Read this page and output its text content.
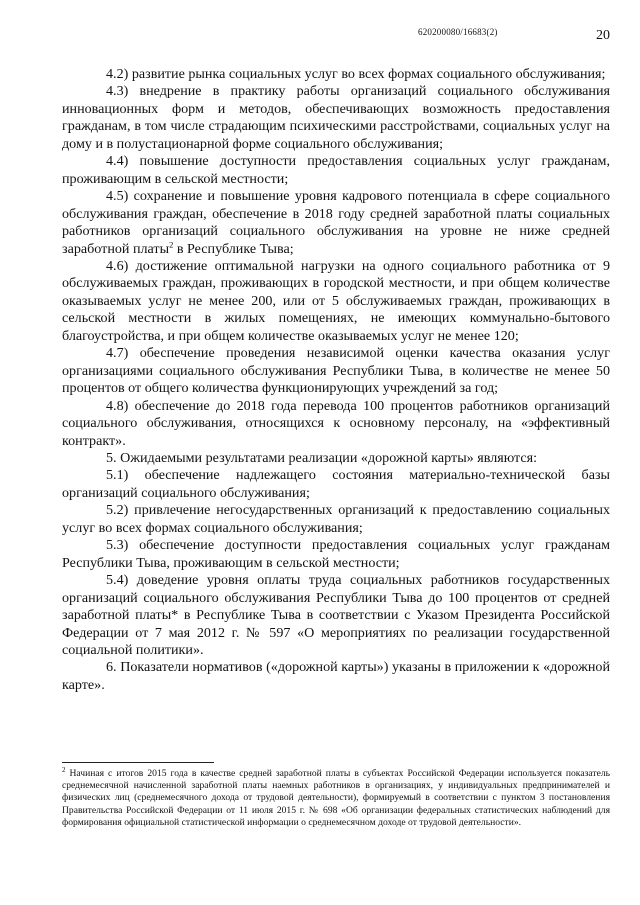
620200080/16683(2)	20

4.2) развитие рынка социальных услуг во всех формах социального обслуживания;

4.3) внедрение в практику работы организаций социального обслуживания инновационных форм и методов, обеспечивающих возможность предоставления гражданам, в том числе страдающим психическими расстройствами, социальных услуг на дому и в полустационарной форме социального обслуживания;

4.4) повышение доступности предоставления социальных услуг гражданам, проживающим в сельской местности;

4.5) сохранение и повышение уровня кадрового потенциала в сфере социального обслуживания граждан, обеспечение в 2018 году средней заработной платы социальных работников организаций социального обслуживания на уровне не ниже средней заработной платы$^2$ в Республике Тыва;

4.6) достижение оптимальной нагрузки на одного социального работника от 9 обслуживаемых граждан, проживающих в городской местности, и при общем количестве оказываемых услуг не менее 200, или от 5 обслуживаемых граждан, проживающих в сельской местности в жилых помещениях, не имеющих коммунально-бытового благоустройства, и при общем количестве оказываемых услуг не менее 120;

4.7) обеспечение проведения независимой оценки качества оказания услуг организациями социального обслуживания Республики Тыва, в количестве не менее 50 процентов от общего количества функционирующих учреждений за год;

4.8) обеспечение до 2018 года перевода 100 процентов работников организаций социального обслуживания, относящихся к основному персоналу, на «эффективный контракт».

5. Ожидаемыми результатами реализации «дорожной карты» являются:

5.1) обеспечение надлежащего состояния материально-технической базы организаций социального обслуживания;

5.2) привлечение негосударственных организаций к предоставлению социальных услуг во всех формах социального обслуживания;

5.3) обеспечение доступности предоставления социальных услуг гражданам Республики Тыва, проживающим в сельской местности;

5.4) доведение уровня оплаты труда социальных работников государственных организаций социального обслуживания Республики Тыва до 100 процентов от средней заработной платы* в Республике Тыва в соответствии с Указом Президента Российской Федерации от 7 мая 2012 г. № 597 «О мероприятиях по реализации государственной социальной политики».

6. Показатели нормативов («дорожной карты») указаны в приложении к «дорожной карте».

$^2$ Начиная с итогов 2015 года в качестве средней заработной платы в субъектах Российской Федерации используется показатель среднемесячной начисленной заработной платы наемных работников в организациях, у индивидуальных предпринимателей и физических лиц (среднемесячного дохода от трудовой деятельности), формируемый в соответствии с пунктом 3 постановления Правительства Российской Федерации от 11 июля 2015 г. № 698 «Об организации федеральных статистических наблюдений для формирования официальной статистической информации о среднемесячном доходе от трудовой деятельности».
